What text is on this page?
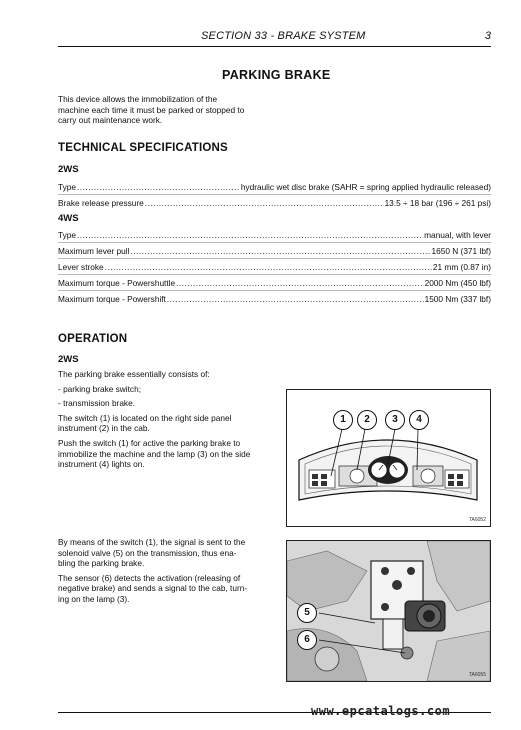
SECTION 33 - BRAKE SYSTEM	3
PARKING BRAKE
This device allows the immobilization of the
machine each time it must be parked or stopped to
carry out maintenance work.
TECHNICAL SPECIFICATIONS
2WS
Type .....	hydraulic wet disc brake (SAHR = spring applied hydraulic released)
Brake release pressure .....	13.5 ÷ 18 bar (196 ÷ 261 psi)
4WS
Type .....	manual, with lever
Maximum lever pull .....	1650 N (371 lbf)
Lever stroke .....	21 mm (0.87 in)
Maximum torque - Powershuttle .....	2000 Nm (450 lbf)
Maximum torque - Powershift .....	1500 Nm (337 lbf)
OPERATION
2WS
The parking brake essentially consists of:
- parking brake switch;
- transmission brake.
The switch (1) is located on the right side panel
instrument (2) in the cab.
Push the switch (1) for active the parking brake to
immobilize the machine and the lamp (3) on the side
instrument (4) lights on.
By means of the switch (1), the signal is sent to the
solenoid valve (5) on the transmission, thus ena-
bling the parking brake.
The sensor (6) detects the activation (releasing of
negative brake) and sends a signal to the cab, turn-
ing on the lamp (3).
1	2	3	4
TA6052
5
6
TA6055
www.epcatalogs.com
